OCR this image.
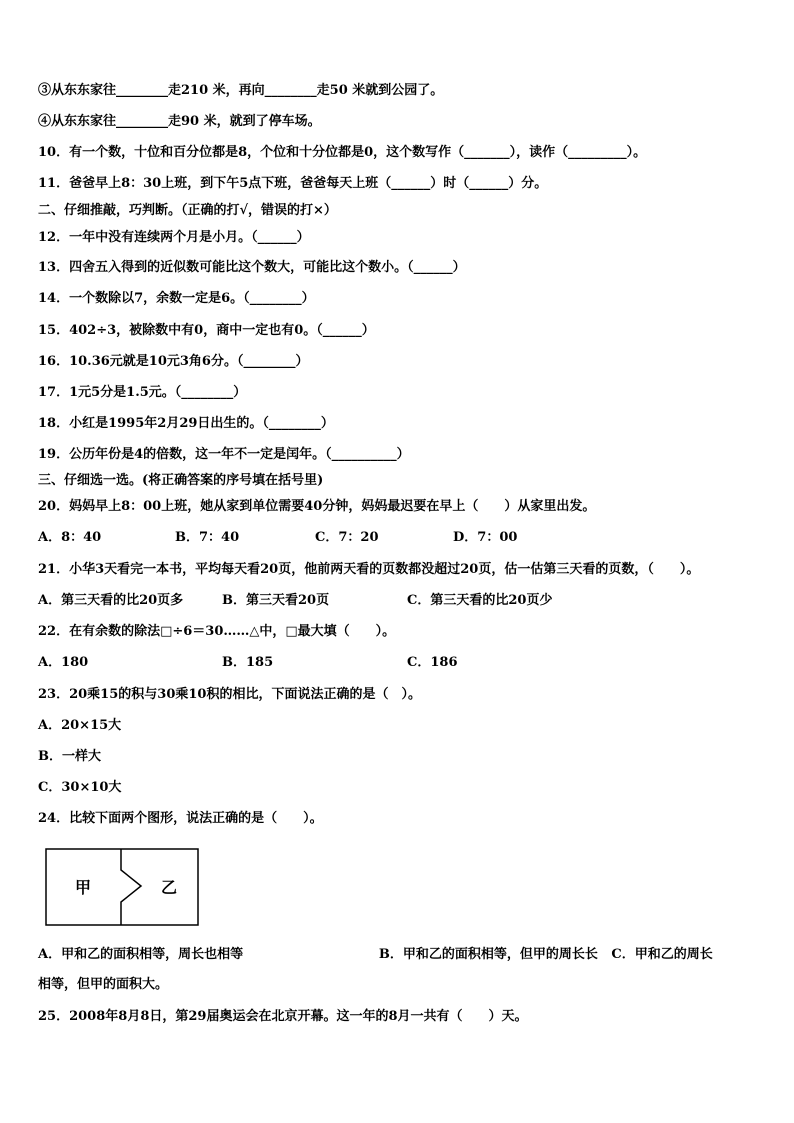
③从东东家往________走210 米，再向________走50 米就到公园了。
④从东东家往________走90 米，就到了停车场。
10．有一个数，十位和百分位都是8，个位和十分位都是0，这个数写作（_______），读作（_________）。
11．爸爸早上8：30上班，到下午5点下班，爸爸每天上班（______）时（______）分。
二、仔细推敲，巧判断。（正确的打√，错误的打×）
12．一年中没有连续两个月是小月。（______）
13．四舍五入得到的近似数可能比这个数大，可能比这个数小。（______）
14．一个数除以7，余数一定是6。（________）
15．402÷3，被除数中有0，商中一定也有0。（______）
16．10.36元就是10元3角6分。（________）
17．1元5分是1.5元。（________）
18．小红是1995年2月29日出生的。（________）
19．公历年份是4的倍数，这一年不一定是闰年。（__________）
三、仔细选一选。(将正确答案的序号填在括号里)
20．妈妈早上8：00上班，她从家到单位需要40分钟，妈妈最迟要在早上（　　）从家里出发。
A．8：40	B．7：40	C．7：20	D．7：00
21．小华3天看完一本书，平均每天看20页，他前两天看的页数都没超过20页，估一估第三天看的页数，（　　）。
A．第三天看的比20页多	B．第三天看20页	C．第三天看的比20页少
22．在有余数的除法□÷6＝30……△中，□最大填（　　）。
A．180	B．185	C．186
23．20乘15的积与30乘10积的相比，下面说法正确的是（　）。
A．20×15大
B．一样大
C．30×10大
24．比较下面两个图形，说法正确的是（　　）。
甲	乙
A．甲和乙的面积相等，周长也相等                              B．甲和乙的面积相等，但甲的周长长   C．甲和乙的周长
相等，但甲的面积大。
25．2008年8月8日，第29届奥运会在北京开幕。这一年的8月一共有（　　）天。
